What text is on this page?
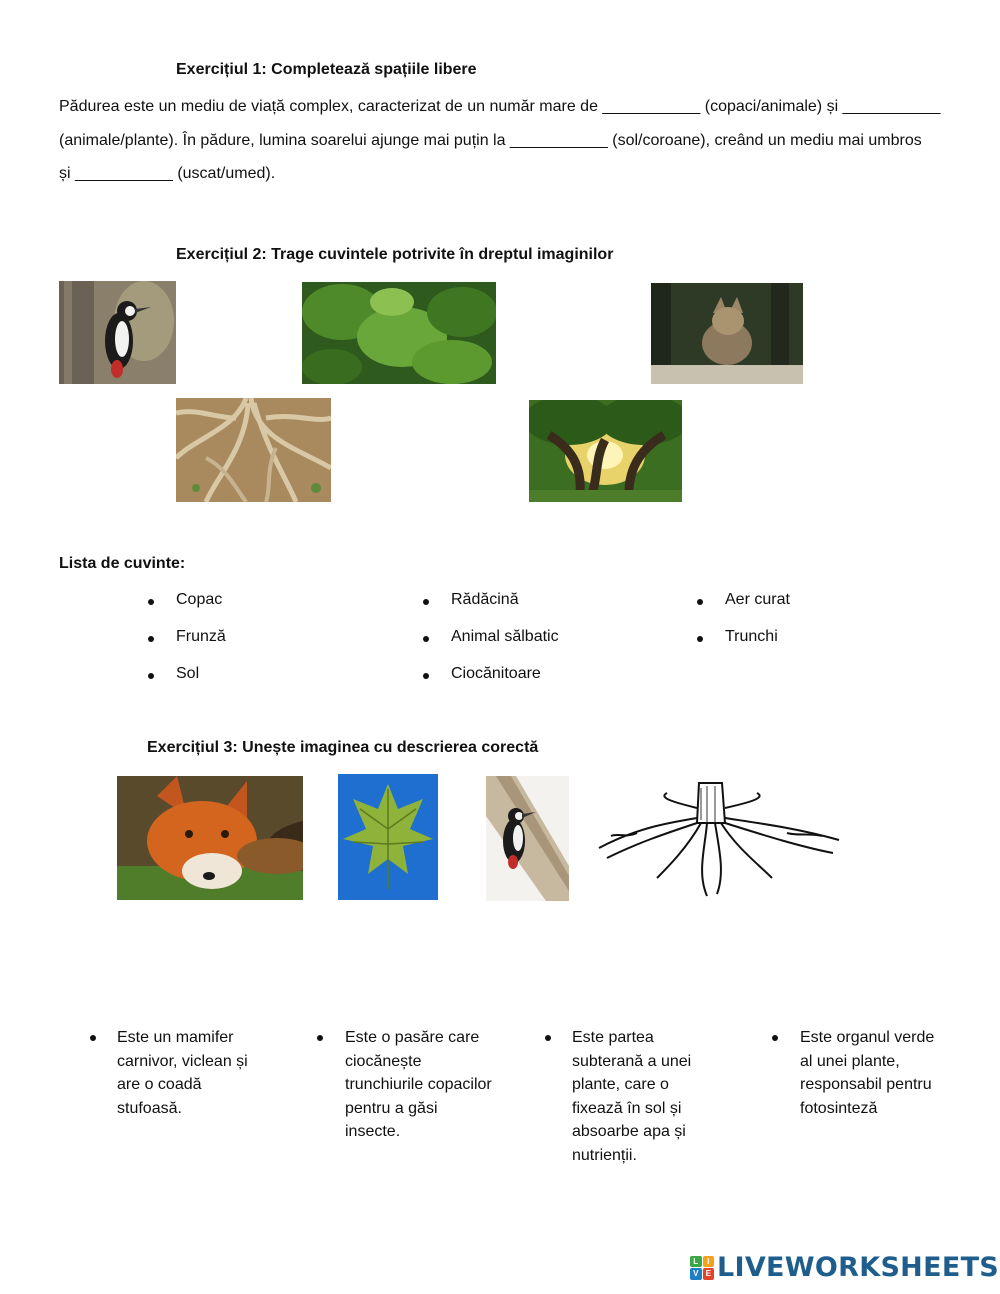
Exercițiul 1: Completează spațiile libere
Pădurea este un mediu de viață complex, caracterizat de un număr mare de ___________ (copaci/animale) și ___________
(animale/plante). În pădure, lumina soarelui ajunge mai puțin la ___________ (sol/coroane), creând un mediu mai umbros
și ___________ (uscat/umed).
Exercițiul 2: Trage cuvintele potrivite în dreptul imaginilor
Lista de cuvinte:
Copac	Rădăcină	Aer curat
Frunză	Animal sălbatic	Trunchi
Sol	Ciocănitoare
Exercițiul 3: Unește imaginea cu descrierea corectă
Este un mamifer carnivor, viclean și are o coadă stufoasă.
Este o pasăre care ciocănește trunchiurile copacilor pentru a găsi insecte.
Este partea subterană a unei plante, care o fixează în sol și absoarbe apa și nutrienții.
Este organul verde al unei plante, responsabil pentru fotosinteză
L	I
V E LIVEWORKSHEETS
